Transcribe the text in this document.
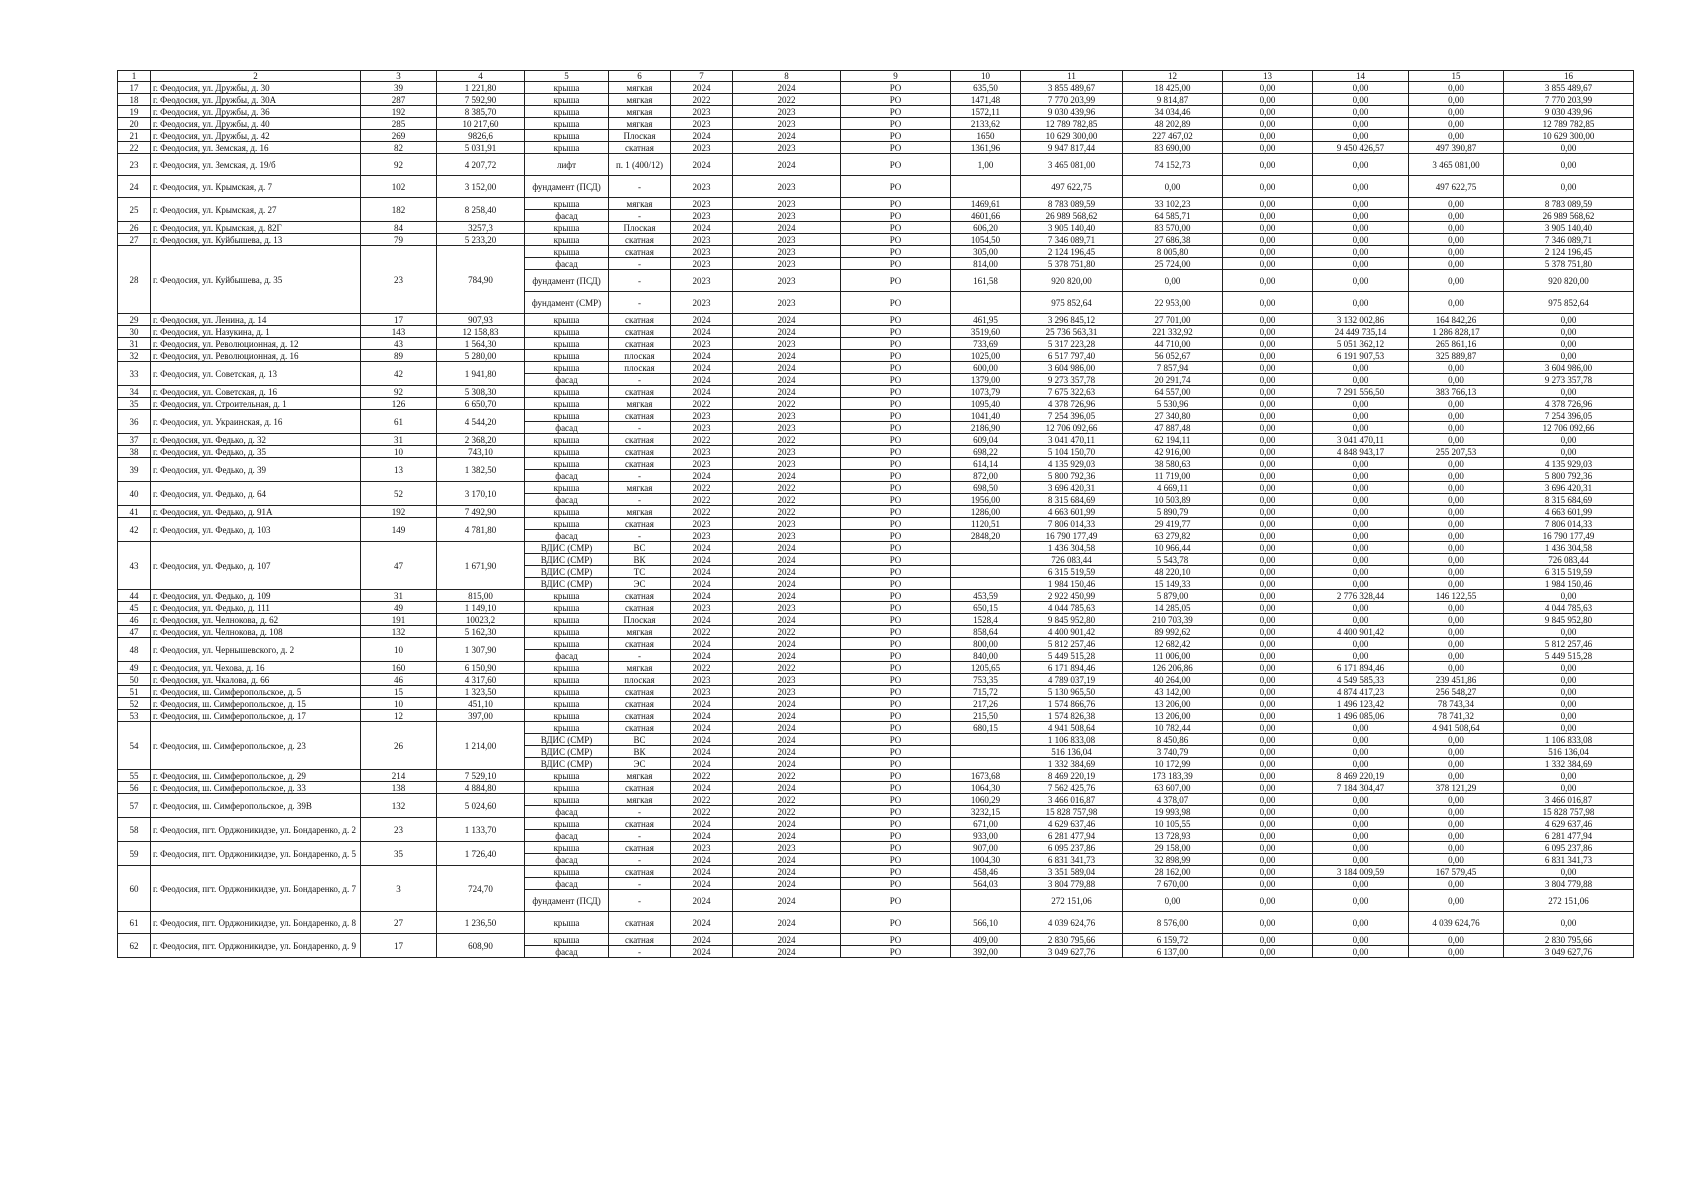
1	2	3	4	5	6	7	8	9	10	11	12	13	14	15	16
17	г. Феодосия, ул. Дружбы, д. 30	39	1 221,80	крыша	мягкая	2024	2024	РО	635,50	3 855 489,67	18 425,00	0,00	0,00	0,00	3 855 489,67
18	г. Феодосия, ул. Дружбы, д. 30А	287	7 592,90	крыша	мягкая	2022	2022	РО	1471,48	7 770 203,99	9 814,87	0,00	0,00	0,00	7 770 203,99
19	г. Феодосия, ул. Дружбы, д. 36	192	8 385,70	крыша	мягкая	2023	2023	РО	1572,11	9 030 439,96	34 034,46	0,00	0,00	0,00	9 030 439,96
20	г. Феодосия, ул. Дружбы, д. 40	285	10 217,60	крыша	мягкая	2023	2023	РО	2133,62	12 789 782,85	48 202,89	0,00	0,00	0,00	12 789 782,85
21	г. Феодосия, ул. Дружбы, д. 42	269	9826,6	крыша	Плоская	2024	2024	РО	1650	10 629 300,00	227 467,02	0,00	0,00	0,00	10 629 300,00
22	г. Феодосия, ул. Земская, д. 16	82	5 031,91	крыша	скатная	2023	2023	РО	1361,96	9 947 817,44	83 690,00	0,00	9 450 426,57	497 390,87	0,00
23	г. Феодосия, ул. Земская, д. 19/б	92	4 207,72	лифт	п. 1 (400/12)	2024	2024	РО	1,00	3 465 081,00	74 152,73	0,00	0,00	3 465 081,00	0,00
24	г. Феодосия, ул. Крымская, д. 7	102	3 152,00	фундамент (ПСД)	-	2023	2023	РО		497 622,75	0,00	0,00	0,00	497 622,75	0,00
25	г. Феодосия, ул. Крымская, д. 27	182	8 258,40	крыша	мягкая	2023	2023	РО	1469,61	8 783 089,59	33 102,23	0,00	0,00	0,00	8 783 089,59
				фасад	-	2023	2023	РО	4601,66	26 989 568,62	64 585,71	0,00	0,00	0,00	26 989 568,62
26	г. Феодосия, ул. Крымская, д. 82Г	84	3257,3	крыша	Плоская	2024	2024	РО	606,20	3 905 140,40	83 570,00	0,00	0,00	0,00	3 905 140,40
27	г. Феодосия, ул. Куйбышева, д. 13	79	5 233,20	крыша	скатная	2023	2023	РО	1054,50	7 346 089,71	27 686,38	0,00	0,00	0,00	7 346 089,71
28	г. Феодосия, ул. Куйбышева, д. 35	23	784,90	крыша	скатная	2023	2023	РО	305,00	2 124 196,45	8 005,80	0,00	0,00	0,00	2 124 196,45
				фасад	-	2023	2023	РО	814,00	5 378 751,80	25 724,00	0,00	0,00	0,00	5 378 751,80
				фундамент (ПСД)	-	2023	2023	РО	161,58	920 820,00	0,00	0,00	0,00	0,00	920 820,00
				фундамент (СМР)	-	2023	2023	РО		975 852,64	22 953,00	0,00	0,00	0,00	975 852,64
29	г. Феодосия, ул. Ленина, д. 14	17	907,93	крыша	скатная	2024	2024	РО	461,95	3 296 845,12	27 701,00	0,00	3 132 002,86	164 842,26	0,00
30	г. Феодосия, ул. Назукина, д. 1	143	12 158,83	крыша	скатная	2024	2024	РО	3519,60	25 736 563,31	221 332,92	0,00	24 449 735,14	1 286 828,17	0,00
31	г. Феодосия, ул. Революционная, д. 12	43	1 564,30	крыша	скатная	2023	2023	РО	733,69	5 317 223,28	44 710,00	0,00	5 051 362,12	265 861,16	0,00
32	г. Феодосия, ул. Революционная, д. 16	89	5 280,00	крыша	плоская	2024	2024	РО	1025,00	6 517 797,40	56 052,67	0,00	6 191 907,53	325 889,87	0,00
33	г. Феодосия, ул. Советская, д. 13	42	1 941,80	крыша	плоская	2024	2024	РО	600,00	3 604 986,00	7 857,94	0,00	0,00	0,00	3 604 986,00
				фасад	-	2024	2024	РО	1379,00	9 273 357,78	20 291,74	0,00	0,00	0,00	9 273 357,78
34	г. Феодосия, ул. Советская, д. 16	92	5 308,30	крыша	скатная	2024	2024	РО	1073,79	7 675 322,63	64 557,00	0,00	7 291 556,50	383 766,13	0,00
35	г. Феодосия, ул. Строительная, д. 1	126	6 650,70	крыша	мягкая	2022	2022	РО	1095,40	4 378 726,96	5 530,96	0,00	0,00	0,00	4 378 726,96
36	г. Феодосия, ул. Украинская, д. 16	61	4 544,20	крыша	скатная	2023	2023	РО	1041,40	7 254 396,05	27 340,80	0,00	0,00	0,00	7 254 396,05
				фасад	-	2023	2023	РО	2186,90	12 706 092,66	47 887,48	0,00	0,00	0,00	12 706 092,66
37	г. Феодосия, ул. Федько, д. 32	31	2 368,20	крыша	скатная	2022	2022	РО	609,04	3 041 470,11	62 194,11	0,00	3 041 470,11	0,00	0,00
38	г. Феодосия, ул. Федько, д. 35	10	743,10	крыша	скатная	2023	2023	РО	698,22	5 104 150,70	42 916,00	0,00	4 848 943,17	255 207,53	0,00
39	г. Феодосия, ул. Федько, д. 39	13	1 382,50	крыша	скатная	2023	2023	РО	614,14	4 135 929,03	38 580,63	0,00	0,00	0,00	4 135 929,03
				фасад	-	2024	2024	РО	872,00	5 800 792,36	11 719,00	0,00	0,00	0,00	5 800 792,36
40	г. Феодосия, ул. Федько, д. 64	52	3 170,10	крыша	мягкая	2022	2022	РО	698,50	3 696 420,31	4 669,11	0,00	0,00	0,00	3 696 420,31
				фасад	-	2022	2022	РО	1956,00	8 315 684,69	10 503,89	0,00	0,00	0,00	8 315 684,69
41	г. Феодосия, ул. Федько, д. 91А	192	7 492,90	крыша	мягкая	2022	2022	РО	1286,00	4 663 601,99	5 890,79	0,00	0,00	0,00	4 663 601,99
42	г. Феодосия, ул. Федько, д. 103	149	4 781,80	крыша	скатная	2023	2023	РО	1120,51	7 806 014,33	29 419,77	0,00	0,00	0,00	7 806 014,33
				фасад	-	2023	2023	РО	2848,20	16 790 177,49	63 279,82	0,00	0,00	0,00	16 790 177,49
43	г. Феодосия, ул. Федько, д. 107	47	1 671,90	ВДИС (СМР)	ВС	2024	2024	РО		1 436 304,58	10 966,44	0,00	0,00	0,00	1 436 304,58
				ВДИС (СМР)	ВК	2024	2024	РО		726 083,44	5 543,78	0,00	0,00	0,00	726 083,44
				ВДИС (СМР)	ТС	2024	2024	РО		6 315 519,59	48 220,10	0,00	0,00	0,00	6 315 519,59
				ВДИС (СМР)	ЭС	2024	2024	РО		1 984 150,46	15 149,33	0,00	0,00	0,00	1 984 150,46
44	г. Феодосия, ул. Федько, д. 109	31	815,00	крыша	скатная	2024	2024	РО	453,59	2 922 450,99	5 879,00	0,00	2 776 328,44	146 122,55	0,00
45	г. Феодосия, ул. Федько, д. 111	49	1 149,10	крыша	скатная	2023	2023	РО	650,15	4 044 785,63	14 285,05	0,00	0,00	0,00	4 044 785,63
46	г. Феодосия, ул. Челнокова, д. 62	191	10023,2	крыша	Плоская	2024	2024	РО	1528,4	9 845 952,80	210 703,39	0,00	0,00	0,00	9 845 952,80
47	г. Феодосия, ул. Челнокова, д. 108	132	5 162,30	крыша	мягкая	2022	2022	РО	858,64	4 400 901,42	89 992,62	0,00	4 400 901,42	0,00	0,00
48	г. Феодосия, ул. Чернышевского, д. 2	10	1 307,90	крыша	скатная	2024	2024	РО	800,00	5 812 257,46	12 682,42	0,00	0,00	0,00	5 812 257,46
				фасад	-	2024	2024	РО	840,00	5 449 515,28	11 006,00	0,00	0,00	0,00	5 449 515,28
49	г. Феодосия, ул. Чехова, д. 16	160	6 150,90	крыша	мягкая	2022	2022	РО	1205,65	6 171 894,46	126 206,86	0,00	6 171 894,46	0,00	0,00
50	г. Феодосия, ул. Чкалова, д. 66	46	4 317,60	крыша	плоская	2023	2023	РО	753,35	4 789 037,19	40 264,00	0,00	4 549 585,33	239 451,86	0,00
51	г. Феодосия, ш. Симферопольское, д. 5	15	1 323,50	крыша	скатная	2023	2023	РО	715,72	5 130 965,50	43 142,00	0,00	4 874 417,23	256 548,27	0,00
52	г. Феодосия, ш. Симферопольское, д. 15	10	451,10	крыша	скатная	2024	2024	РО	217,26	1 574 866,76	13 206,00	0,00	1 496 123,42	78 743,34	0,00
53	г. Феодосия, ш. Симферопольское, д. 17	12	397,00	крыша	скатная	2024	2024	РО	215,50	1 574 826,38	13 206,00	0,00	1 496 085,06	78 741,32	0,00
54	г. Феодосия, ш. Симферопольское, д. 23	26	1 214,00	крыша	скатная	2024	2024	РО	680,15	4 941 508,64	10 782,44	0,00	0,00	4 941 508,64	0,00
				ВДИС (СМР)	ВС	2024	2024	РО		1 106 833,08	8 450,86	0,00	0,00	0,00	1 106 833,08
				ВДИС (СМР)	ВК	2024	2024	РО		516 136,04	3 740,79	0,00	0,00	0,00	516 136,04
				ВДИС (СМР)	ЭС	2024	2024	РО		1 332 384,69	10 172,99	0,00	0,00	0,00	1 332 384,69
55	г. Феодосия, ш. Симферопольское, д. 29	214	7 529,10	крыша	мягкая	2022	2022	РО	1673,68	8 469 220,19	173 183,39	0,00	8 469 220,19	0,00	0,00
56	г. Феодосия, ш. Симферопольское, д. 33	138	4 884,80	крыша	скатная	2024	2024	РО	1064,30	7 562 425,76	63 607,00	0,00	7 184 304,47	378 121,29	0,00
57	г. Феодосия, ш. Симферопольское, д. 39В	132	5 024,60	крыша	мягкая	2022	2022	РО	1060,29	3 466 016,87	4 378,07	0,00	0,00	0,00	3 466 016,87
				фасад	-	2022	2022	РО	3232,15	15 828 757,98	19 993,98	0,00	0,00	0,00	15 828 757,98
58	г. Феодосия, пгт. Орджоникидзе, ул. Бондаренко, д. 2	23	1 133,70	крыша	скатная	2024	2024	РО	671,00	4 629 637,46	10 105,55	0,00	0,00	0,00	4 629 637,46
				фасад	-	2024	2024	РО	933,00	6 281 477,94	13 728,93	0,00	0,00	0,00	6 281 477,94
59	г. Феодосия, пгт. Орджоникидзе, ул. Бондаренко, д. 5	35	1 726,40	крыша	скатная	2023	2023	РО	907,00	6 095 237,86	29 158,00	0,00	0,00	0,00	6 095 237,86
				фасад	-	2024	2024	РО	1004,30	6 831 341,73	32 898,99	0,00	0,00	0,00	6 831 341,73
60	г. Феодосия, пгт. Орджоникидзе, ул. Бондаренко, д. 7	3	724,70	крыша	скатная	2024	2024	РО	458,46	3 351 589,04	28 162,00	0,00	3 184 009,59	167 579,45	0,00
				фасад	-	2024	2024	РО	564,03	3 804 779,88	7 670,00	0,00	0,00	0,00	3 804 779,88
				фундамент (ПСД)	-	2024	2024	РО		272 151,06	0,00	0,00	0,00	0,00	272 151,06
61	г. Феодосия, пгт. Орджоникидзе, ул. Бондаренко, д. 8	27	1 236,50	крыша	скатная	2024	2024	РО	566,10	4 039 624,76	8 576,00	0,00	0,00	4 039 624,76	0,00
62	г. Феодосия, пгт. Орджоникидзе, ул. Бондаренко, д. 9	17	608,90	крыша	скатная	2024	2024	РО	409,00	2 830 795,66	6 159,72	0,00	0,00	0,00	2 830 795,66
				фасад	-	2024	2024	РО	392,00	3 049 627,76	6 137,00	0,00	0,00	0,00	3 049 627,76
